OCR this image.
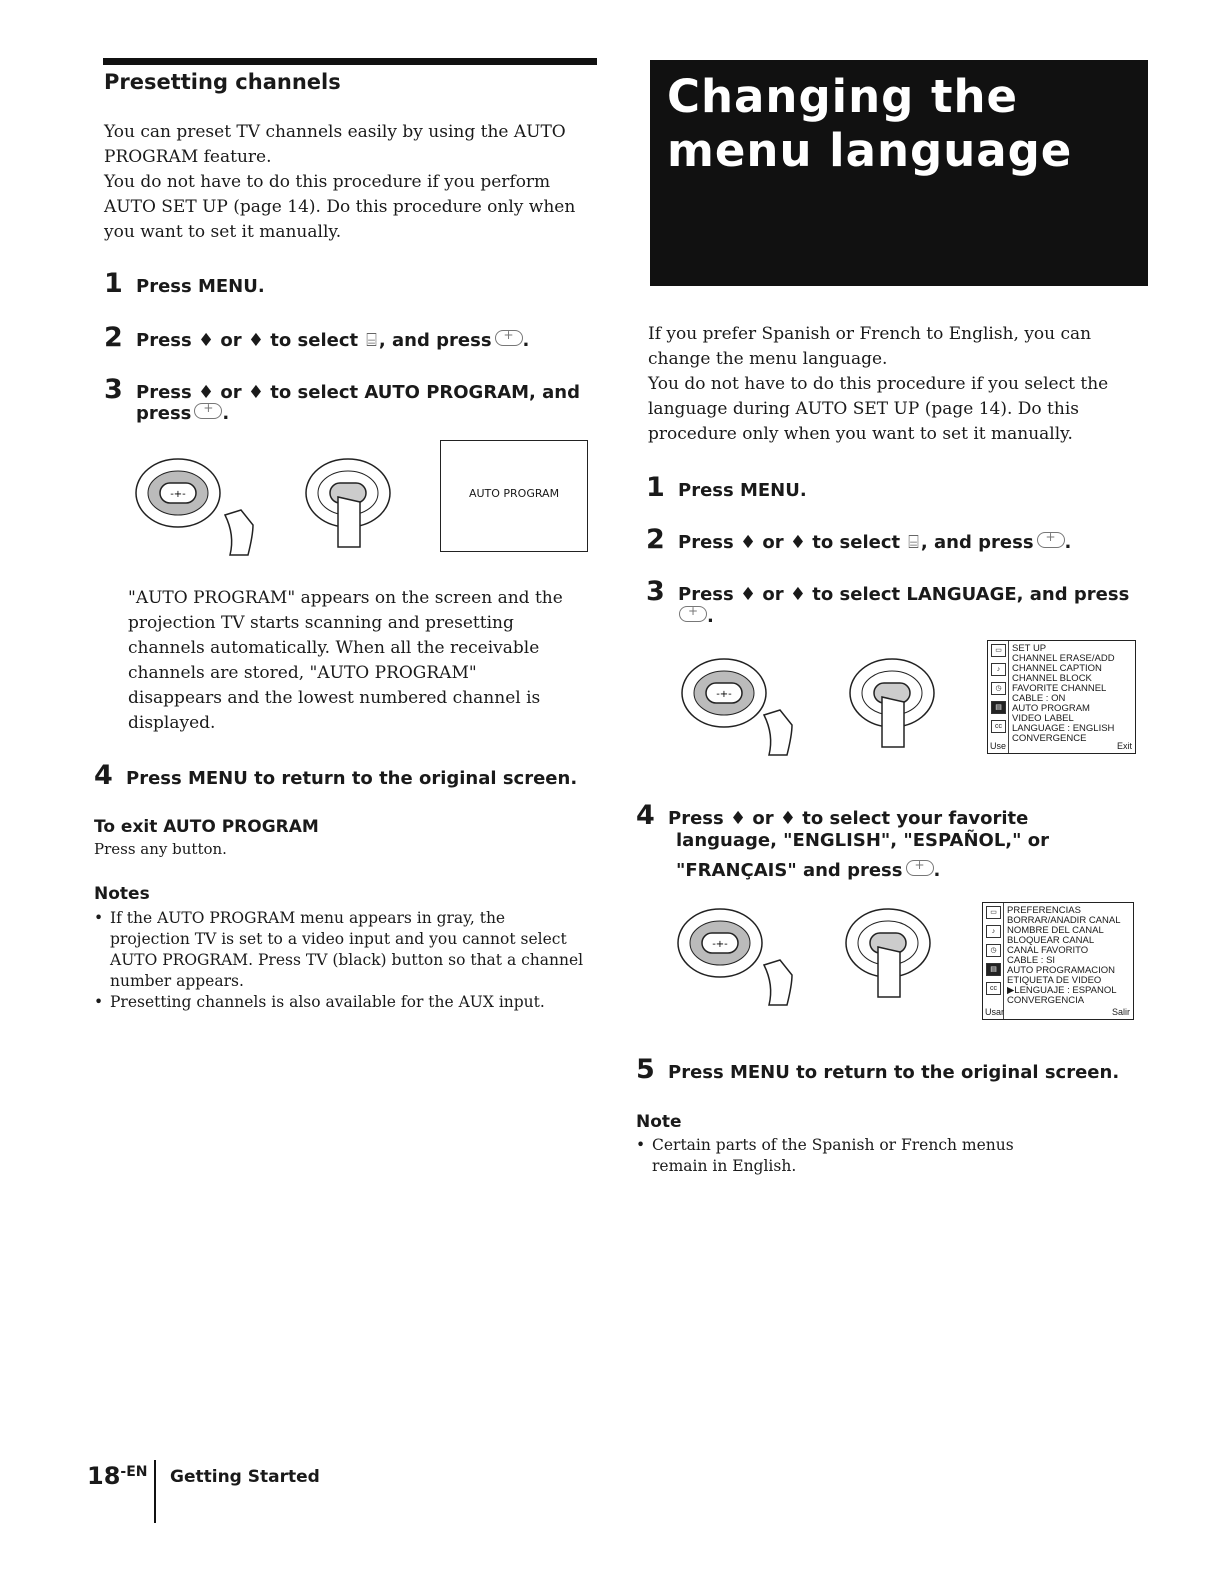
Presetting channels

You can preset TV channels easily by using the AUTO

PROGRAM feature.

You do not have to do this procedure if you perform

AUTO SET UP (page 14). Do this procedure only when

you want to set it manually.

1 Press MENU.
2 Press ♦ or ♦ to select ⌸ , and press + .
3 Press ♦ or ♦ to select AUTO PROGRAM, and
press + .
-+-	AUTO PROGRAM

"AUTO PROGRAM" appears on the screen and the

projection TV starts scanning and presetting

channels automatically. When all the receivable

channels are stored, "AUTO PROGRAM"

disappears and the lowest numbered channel is

displayed.

4 Press MENU to return to the original screen.
To exit AUTO PROGRAM
Press any button.
Notes
• If the AUTO PROGRAM menu appears in gray, the projection TV is set to a video input and you cannot select AUTO PROGRAM. Press TV (black) button so that a channel number appears.
• Presetting channels is also available for the AUX input.
Changing the
menu language

If you prefer Spanish or French to English, you can

change the menu language.

You do not have to do this procedure if you select the

language during AUTO SET UP (page 14). Do this

procedure only when you want to set it manually.

1 Press MENU.
2 Press ♦ or ♦ to select ⌸ , and press + .
3 Press ♦ or ♦ to select LANGUAGE, and press
+
.
-+-
▭
♪
◷
▤
cc
SET UP
CHANNEL ERASE/ADD
CHANNEL CAPTION
CHANNEL BLOCK
FAVORITE CHANNEL
CABLE : ON
AUTO PROGRAM
VIDEO LABEL
LANGUAGE : ENGLISH
CONVERGENCE
Use	Exit
4 Press ♦ or ♦ to select your favorite
language, "ENGLISH", "ESPAÑOL," or
"FRANÇAIS" and press + .
-+-
▭
♪
◷
▤
cc
PREFERENCIAS
BORRAR/AÑADIR CANAL
NOMBRE DEL CANAL
BLOQUEAR CANAL
CANAL FAVORITO
CABLE : SI
AUTO PROGRAMACION
ETIQUETA DE VIDEO
▶LENGUAJE : ESPAÑOL
CONVERGENCIA
Usar	Salir
5 Press MENU to return to the original screen.
Note
• Certain parts of the Spanish or French menus remain in English.
$18^{-EN}$ Getting Started
